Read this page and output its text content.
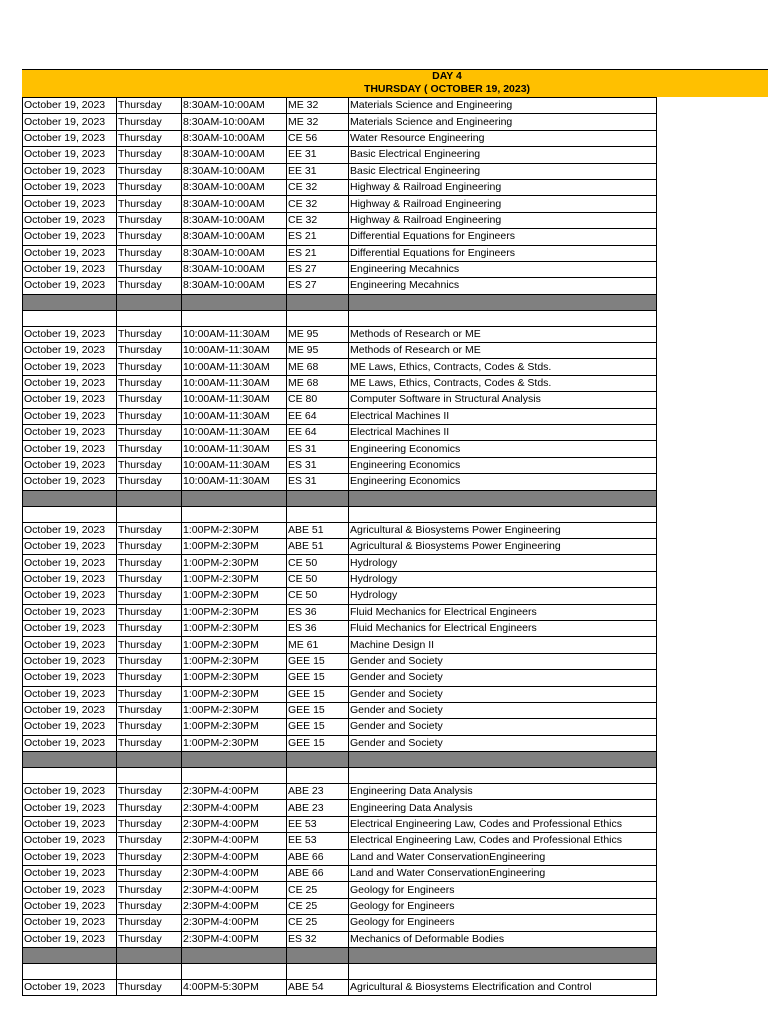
DAY 4
THURSDAY ( OCTOBER 19, 2023)
October 19, 2023	Thursday	8:30AM-10:00AM	ME 32	Materials Science and Engineering
October 19, 2023	Thursday	8:30AM-10:00AM	ME 32	Materials Science and Engineering
October 19, 2023	Thursday	8:30AM-10:00AM	CE 56	Water Resource Engineering
October 19, 2023	Thursday	8:30AM-10:00AM	EE 31	Basic Electrical Engineering
October 19, 2023	Thursday	8:30AM-10:00AM	EE 31	Basic Electrical Engineering
October 19, 2023	Thursday	8:30AM-10:00AM	CE 32	Highway & Railroad Engineering
October 19, 2023	Thursday	8:30AM-10:00AM	CE 32	Highway & Railroad Engineering
October 19, 2023	Thursday	8:30AM-10:00AM	CE 32	Highway & Railroad Engineering
October 19, 2023	Thursday	8:30AM-10:00AM	ES 21	Differential Equations for Engineers
October 19, 2023	Thursday	8:30AM-10:00AM	ES 21	Differential Equations for Engineers
October 19, 2023	Thursday	8:30AM-10:00AM	ES 27	Engineering Mecahnics
October 19, 2023	Thursday	8:30AM-10:00AM	ES 27	Engineering Mecahnics

October 19, 2023	Thursday	10:00AM-11:30AM	ME 95	Methods of Research or ME
October 19, 2023	Thursday	10:00AM-11:30AM	ME 95	Methods of Research or ME
October 19, 2023	Thursday	10:00AM-11:30AM	ME 68	ME Laws, Ethics, Contracts, Codes & Stds.
October 19, 2023	Thursday	10:00AM-11:30AM	ME 68	ME Laws, Ethics, Contracts, Codes & Stds.
October 19, 2023	Thursday	10:00AM-11:30AM	CE 80	Computer Software in Structural Analysis
October 19, 2023	Thursday	10:00AM-11:30AM	EE 64	Electrical Machines II
October 19, 2023	Thursday	10:00AM-11:30AM	EE 64	Electrical Machines II
October 19, 2023	Thursday	10:00AM-11:30AM	ES 31	Engineering Economics
October 19, 2023	Thursday	10:00AM-11:30AM	ES 31	Engineering Economics
October 19, 2023	Thursday	10:00AM-11:30AM	ES 31	Engineering Economics

October 19, 2023	Thursday	1:00PM-2:30PM	ABE 51	Agricultural & Biosystems Power Engineering
October 19, 2023	Thursday	1:00PM-2:30PM	ABE 51	Agricultural & Biosystems Power Engineering
October 19, 2023	Thursday	1:00PM-2:30PM	CE 50	Hydrology
October 19, 2023	Thursday	1:00PM-2:30PM	CE 50	Hydrology
October 19, 2023	Thursday	1:00PM-2:30PM	CE 50	Hydrology
October 19, 2023	Thursday	1:00PM-2:30PM	ES 36	Fluid Mechanics for Electrical Engineers
October 19, 2023	Thursday	1:00PM-2:30PM	ES 36	Fluid Mechanics for Electrical Engineers
October 19, 2023	Thursday	1:00PM-2:30PM	ME 61	Machine Design II
October 19, 2023	Thursday	1:00PM-2:30PM	GEE 15	Gender and Society
October 19, 2023	Thursday	1:00PM-2:30PM	GEE 15	Gender and Society
October 19, 2023	Thursday	1:00PM-2:30PM	GEE 15	Gender and Society
October 19, 2023	Thursday	1:00PM-2:30PM	GEE 15	Gender and Society
October 19, 2023	Thursday	1:00PM-2:30PM	GEE 15	Gender and Society
October 19, 2023	Thursday	1:00PM-2:30PM	GEE 15	Gender and Society

October 19, 2023	Thursday	2:30PM-4:00PM	ABE 23	Engineering Data Analysis
October 19, 2023	Thursday	2:30PM-4:00PM	ABE 23	Engineering Data Analysis
October 19, 2023	Thursday	2:30PM-4:00PM	EE 53	Electrical Engineering Law, Codes and Professional Ethics
October 19, 2023	Thursday	2:30PM-4:00PM	EE 53	Electrical Engineering Law, Codes and Professional Ethics
October 19, 2023	Thursday	2:30PM-4:00PM	ABE 66	Land and Water ConservationEngineering
October 19, 2023	Thursday	2:30PM-4:00PM	ABE 66	Land and Water ConservationEngineering
October 19, 2023	Thursday	2:30PM-4:00PM	CE 25	Geology for Engineers
October 19, 2023	Thursday	2:30PM-4:00PM	CE 25	Geology for Engineers
October 19, 2023	Thursday	2:30PM-4:00PM	CE 25	Geology for Engineers
October 19, 2023	Thursday	2:30PM-4:00PM	ES 32	Mechanics of Deformable Bodies

October 19, 2023	Thursday	4:00PM-5:30PM	ABE 54	Agricultural & Biosystems Electrification and Control
